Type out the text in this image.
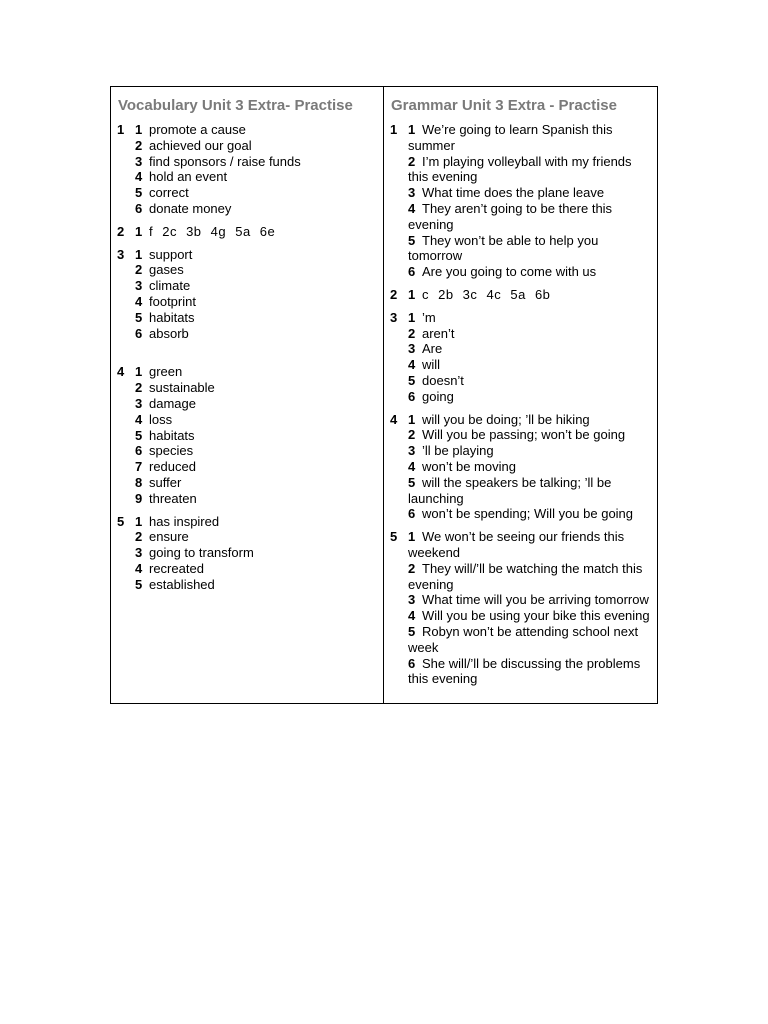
Vocabulary Unit 3 Extra- Practise
1 1 promote a cause
2 achieved our goal
3 find sponsors / raise funds
4 hold an event
5 correct
6 donate money
2 1 f 2c 3b 4g 5a 6e
3 1 support
2 gases
3 climate
4 footprint
5 habitats
6 absorb
4 1 green
2 sustainable
3 damage
4 loss
5 habitats
6 species
7 reduced
8 suffer
9 threaten
5 1 has inspired
2 ensure
3 going to transform
4 recreated
5 established
Grammar Unit 3 Extra - Practise
1 1 We’re going to learn Spanish this summer
2 I’m playing volleyball with my friends this evening
3 What time does the plane leave
4 They aren’t going to be there this evening
5 They won’t be able to help you tomorrow
6 Are you going to come with us
2 1 c 2b 3c 4c 5a 6b
3 1 ’m
2 aren’t
3 Are
4 will
5 doesn’t
6 going
4 1 will you be doing; ’ll be hiking
2 Will you be passing; won’t be going
3 ’ll be playing
4 won’t be moving
5 will the speakers be talking; ’ll be launching
6 won’t be spending; Will you be going
5 1 We won’t be seeing our friends this weekend
2 They will/’ll be watching the match this evening
3 What time will you be arriving tomorrow
4 Will you be using your bike this evening
5 Robyn won’t be attending school next week
6 She will/’ll be discussing the problems this evening
